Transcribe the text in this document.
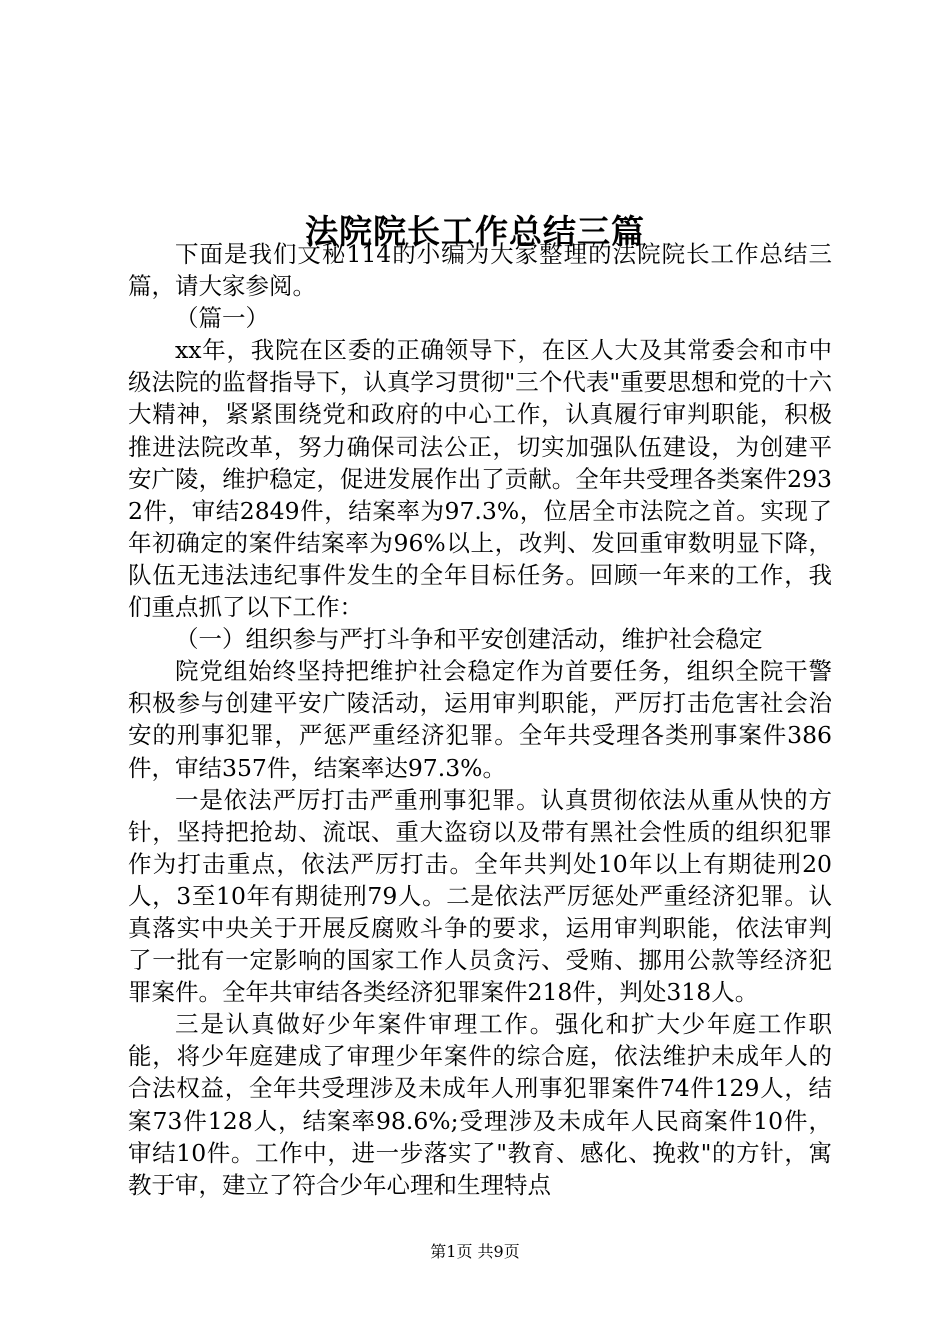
法院院长工作总结三篇

下面是我们文秘114的小编为大家整理的法院院长工作总结三篇，请大家参阅。

（篇一）

xx年，我院在区委的正确领导下，在区人大及其常委会和市中级法院的监督指导下，认真学习贯彻"三个代表"重要思想和党的十六大精神，紧紧围绕党和政府的中心工作，认真履行审判职能，积极推进法院改革，努力确保司法公正，切实加强队伍建设，为创建平安广陵，维护稳定，促进发展作出了贡献。全年共受理各类案件2932件，审结2849件，结案率为97.3%，位居全市法院之首。实现了年初确定的案件结案率为96%以上，改判、发回重审数明显下降，队伍无违法违纪事件发生的全年目标任务。回顾一年来的工作，我们重点抓了以下工作：

（一）组织参与严打斗争和平安创建活动，维护社会稳定

院党组始终坚持把维护社会稳定作为首要任务，组织全院干警积极参与创建平安广陵活动，运用审判职能，严厉打击危害社会治安的刑事犯罪，严惩严重经济犯罪。全年共受理各类刑事案件386件，审结357件，结案率达97.3%。

一是依法严厉打击严重刑事犯罪。认真贯彻依法从重从快的方针，坚持把抢劫、流氓、重大盗窃以及带有黑社会性质的组织犯罪作为打击重点，依法严厉打击。全年共判处10年以上有期徒刑20人，3至10年有期徒刑79人。二是依法严厉惩处严重经济犯罪。认真落实中央关于开展反腐败斗争的要求，运用审判职能，依法审判了一批有一定影响的国家工作人员贪污、受贿、挪用公款等经济犯罪案件。全年共审结各类经济犯罪案件218件，判处318人。

三是认真做好少年案件审理工作。强化和扩大少年庭工作职能，将少年庭建成了审理少年案件的综合庭，依法维护未成年人的合法权益，全年共受理涉及未成年人刑事犯罪案件74件129人，结案73件128人，结案率98.6%;受理涉及未成年人民商案件10件，审结10件。工作中，进一步落实了"教育、感化、挽救"的方针，寓教于审，建立了符合少年心理和生理特点

第1页 共9页
